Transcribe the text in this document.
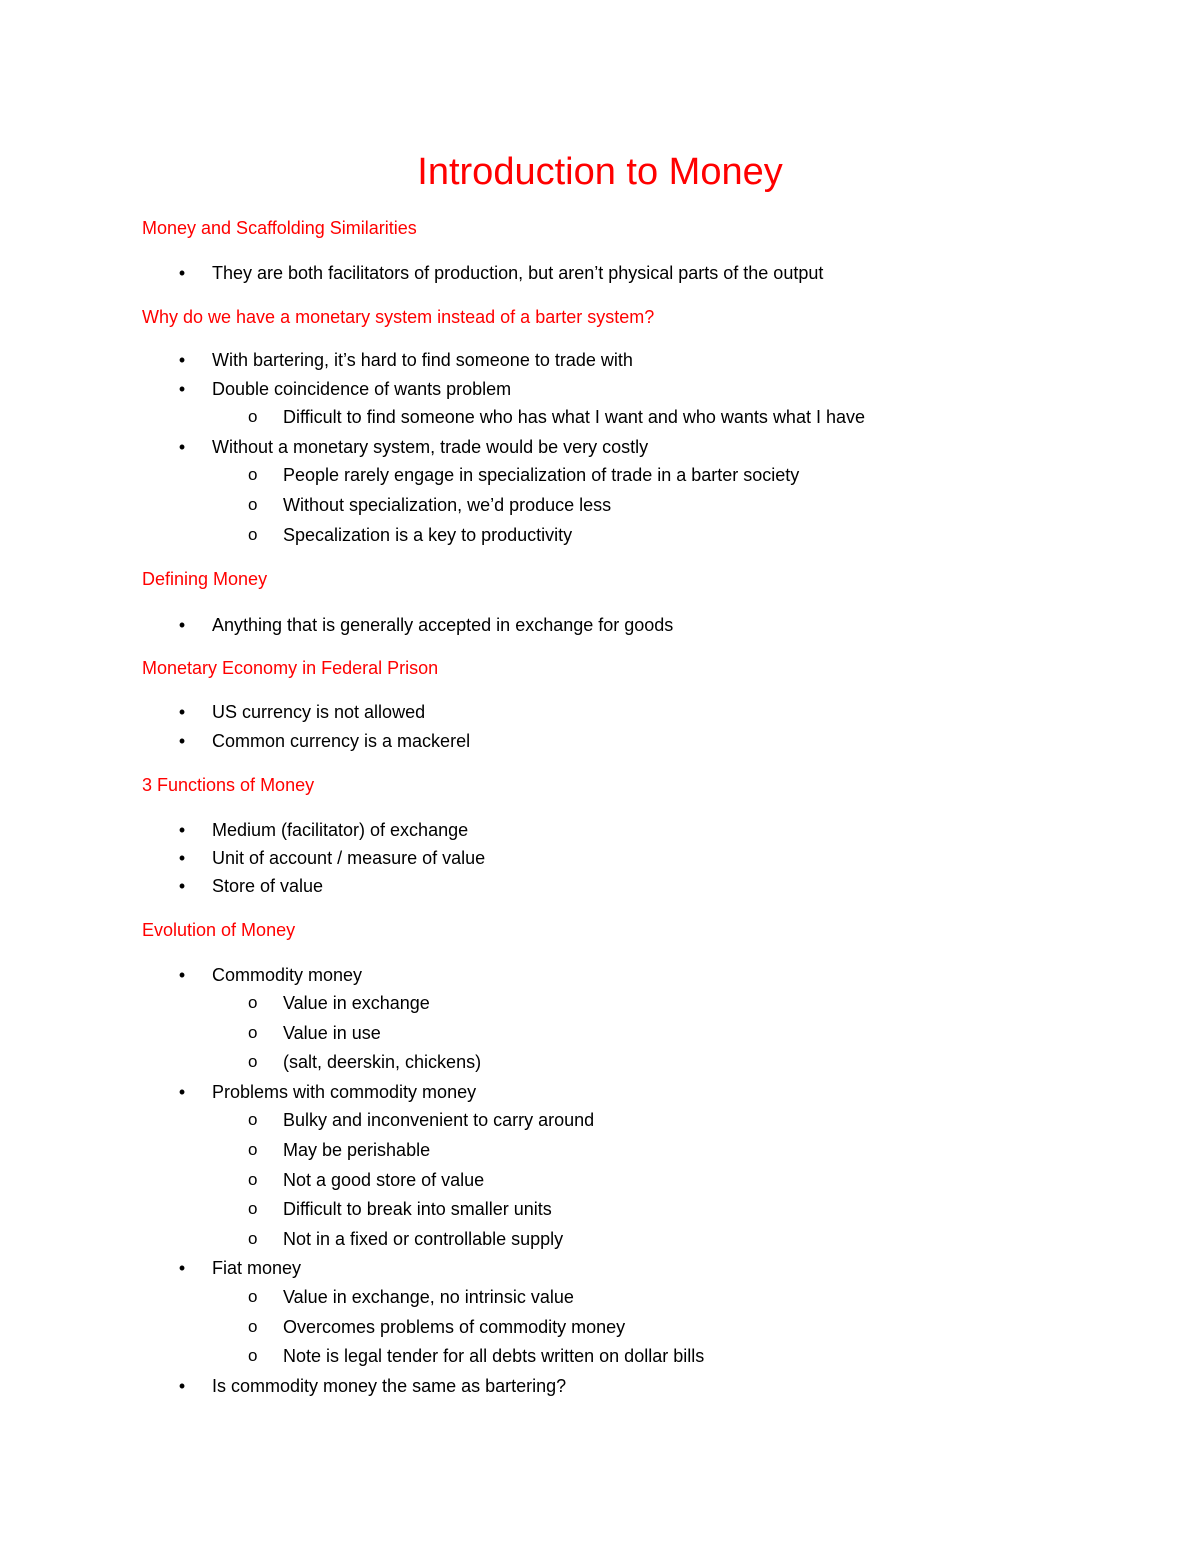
Introduction to Money
Money and Scaffolding Similarities
•	They are both facilitators of production, but aren’t physical parts of the output
Why do we have a monetary system instead of a barter system?
•	With bartering, it’s hard to find someone to trade with
•	Double coincidence of wants problem
o Difficult to find someone who has what I want and who wants what I have
•	Without a monetary system, trade would be very costly
o People rarely engage in specialization of trade in a barter society
o Without specialization, we’d produce less
o Specalization is a key to productivity
Defining Money
•	Anything that is generally accepted in exchange for goods
Monetary Economy in Federal Prison
•	US currency is not allowed
•	Common currency is a mackerel
3 Functions of Money
•	Medium (facilitator) of exchange
•	Unit of account / measure of value
•	Store of value
Evolution of Money
•	Commodity money
o Value in exchange
o Value in use
o (salt, deerskin, chickens)
•	Problems with commodity money
o Bulky and inconvenient to carry around
o May be perishable
o Not a good store of value
o Difficult to break into smaller units
o Not in a fixed or controllable supply
•	Fiat money
o Value in exchange, no intrinsic value
o Overcomes problems of commodity money
o Note is legal tender for all debts written on dollar bills
•	Is commodity money the same as bartering?
